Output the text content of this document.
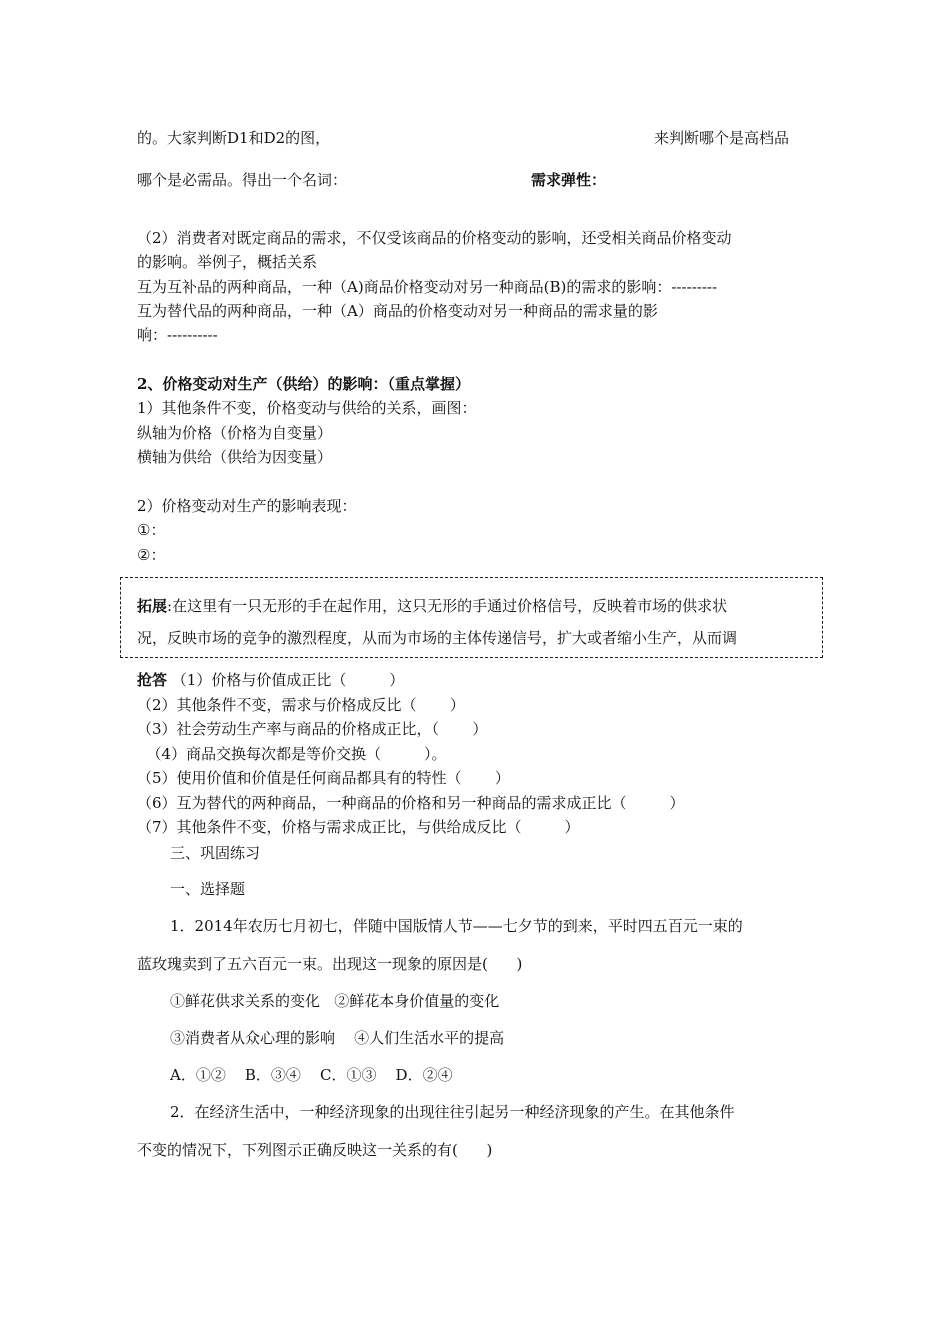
的。大家判断D1和D2的图，	来判断哪个是高档品
哪个是必需品。得出一个名词：	需求弹性：
（2）消费者对既定商品的需求，不仅受该商品的价格变动的影响，还受相关商品价格变动
的影响。举例子，概括关系
互为互补品的两种商品，一种（A)商品价格变动对另一种商品(B)的需求的影响：---------
互为替代品的两种商品，一种（A）商品的价格变动对另一种商品的需求量的影
响：----------
2、价格变动对生产（供给）的影响：（重点掌握）
1）其他条件不变，价格变动与供给的关系，画图：
纵轴为价格（价格为自变量）
横轴为供给（供给为因变量）
2）价格变动对生产的影响表现：
①：
②：
拓展:在这里有一只无形的手在起作用，这只无形的手通过价格信号，反映着市场的供求状
况，反映市场的竞争的激烈程度，从而为市场的主体传递信号，扩大或者缩小生产，从而调
抢答 （1）价格与价值成正比（         ）
（2）其他条件不变，需求与价格成反比（       ）
（3）社会劳动生产率与商品的价格成正比，（       ）
（4）商品交换每次都是等价交换（         ）。
（5）使用价值和价值是任何商品都具有的特性（       ）
（6）互为替代的两种商品，一种商品的价格和另一种商品的需求成正比（         ）
（7）其他条件不变，价格与需求成正比，与供给成反比（         ）
三、巩固练习
一、选择题
1．2014年农历七月初七，伴随中国版情人节——七夕节的到来，平时四五百元一束的
蓝玫瑰卖到了五六百元一束。出现这一现象的原因是(      )
①鲜花供求关系的变化   ②鲜花本身价值量的变化
③消费者从众心理的影响    ④人们生活水平的提高
A．①②    B．③④    C．①③    D．②④
2．在经济生活中，一种经济现象的出现往往引起另一种经济现象的产生。在其他条件
不变的情况下，下列图示正确反映这一关系的有(      )
